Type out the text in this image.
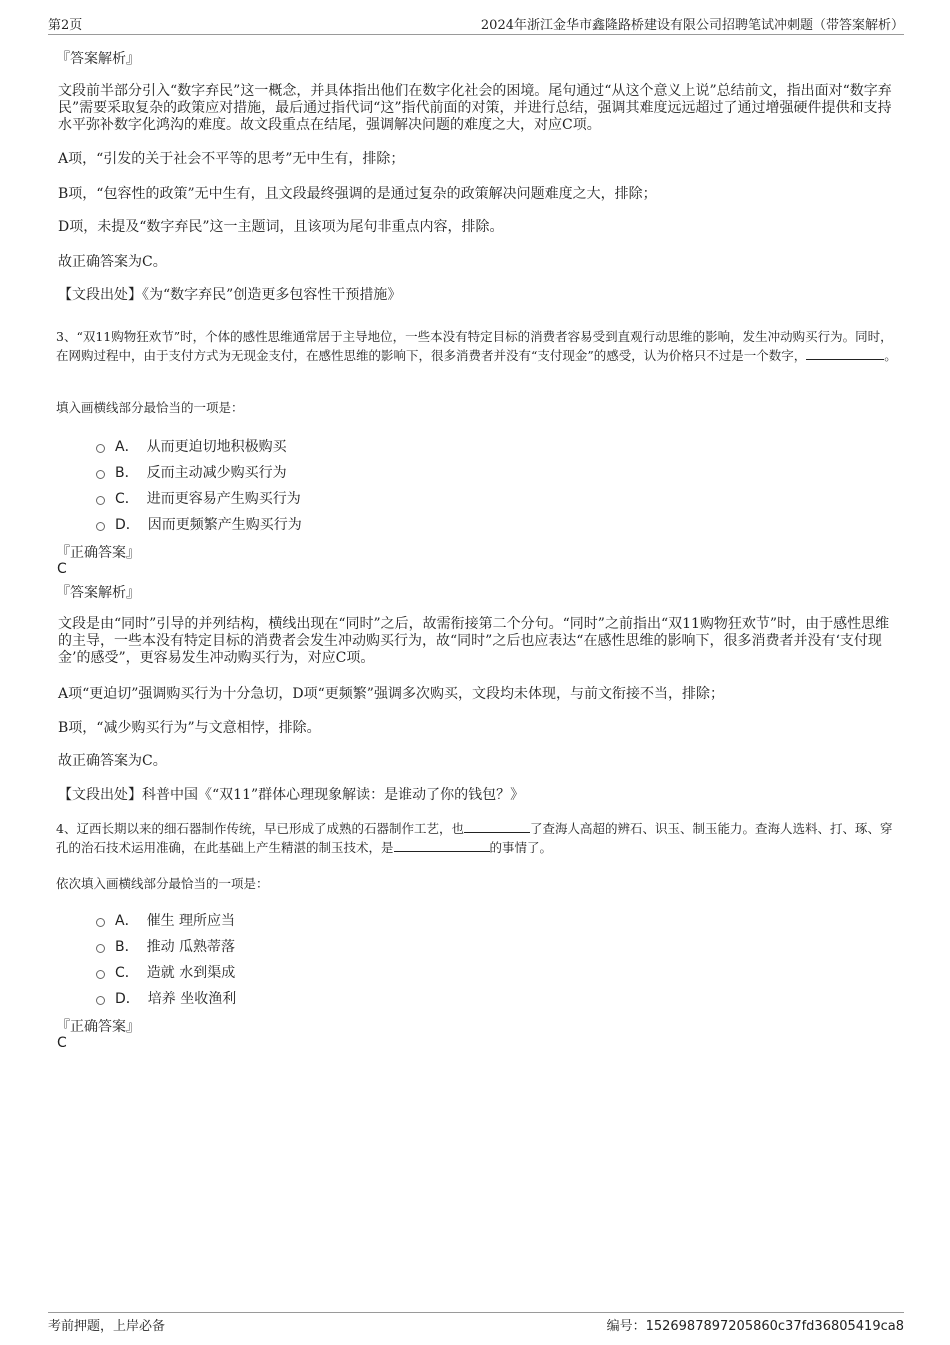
第2页	2024年浙江金华市鑫隆路桥建设有限公司招聘笔试冲刺题（带答案解析）
『答案解析』

文段前半部分引入“数字弃民”这一概念，并具体指出他们在数字化社会的困境。尾句通过“从这个意义上说”总结前文，指出面对“数字弃民”需要采取复杂的政策应对措施，最后通过指代词“这”指代前面的对策，并进行总结，强调其难度远远超过了通过增强硬件提供和支持水平弥补数字化鸿沟的难度。故文段重点在结尾，强调解决问题的难度之大，对应C项。

A项，“引发的关于社会不平等的思考”无中生有，排除；

B项，“包容性的政策”无中生有，且文段最终强调的是通过复杂的政策解决问题难度之大，排除；

D项，未提及“数字弃民”这一主题词，且该项为尾句非重点内容，排除。

故正确答案为C。

【文段出处】《为“数字弃民”创造更多包容性干预措施》

3、“双11购物狂欢节”时，个体的感性思维通常居于主导地位，一些本没有特定目标的消费者容易受到直观行动思维的影响，发生冲动购买行为。同时，在网购过程中，由于支付方式为无现金支付，在感性思维的影响下，很多消费者并没有“支付现金”的感受，认为价格只不过是一个数字，	。

填入画横线部分最恰当的一项是：

A． 从而更迫切地积极购买
B． 反而主动减少购买行为
C． 进而更容易产生购买行为
D． 因而更频繁产生购买行为
『正确答案』
C
『答案解析』

文段是由“同时”引导的并列结构，横线出现在“同时”之后，故需衔接第二个分句。“同时”之前指出“双11购物狂欢节”时，由于感性思维的主导，一些本没有特定目标的消费者会发生冲动购买行为，故“同时”之后也应表达“在感性思维的影响下，很多消费者并没有‘支付现金’的感受”，更容易发生冲动购买行为，对应C项。

A项“更迫切”强调购买行为十分急切，D项“更频繁”强调多次购买，文段均未体现，与前文衔接不当，排除；

B项，“减少购买行为”与文意相悖，排除。

故正确答案为C。

【文段出处】科普中国《“双11”群体心理现象解读：是谁动了你的钱包？》

4、辽西长期以来的细石器制作传统，早已形成了成熟的石器制作工艺，也	了查海人高超的辨石、识玉、制玉能力。查海人选料、打、琢、穿孔的治石技术运用准确，在此基础上产生精湛的制玉技术，是	的事情了。

依次填入画横线部分最恰当的一项是：

A． 催生 理所应当
B． 推动 瓜熟蒂落
C． 造就 水到渠成
D． 培养 坐收渔利
『正确答案』
C
考前押题，上岸必备	编号：1526987897205860c37fd36805419ca8
